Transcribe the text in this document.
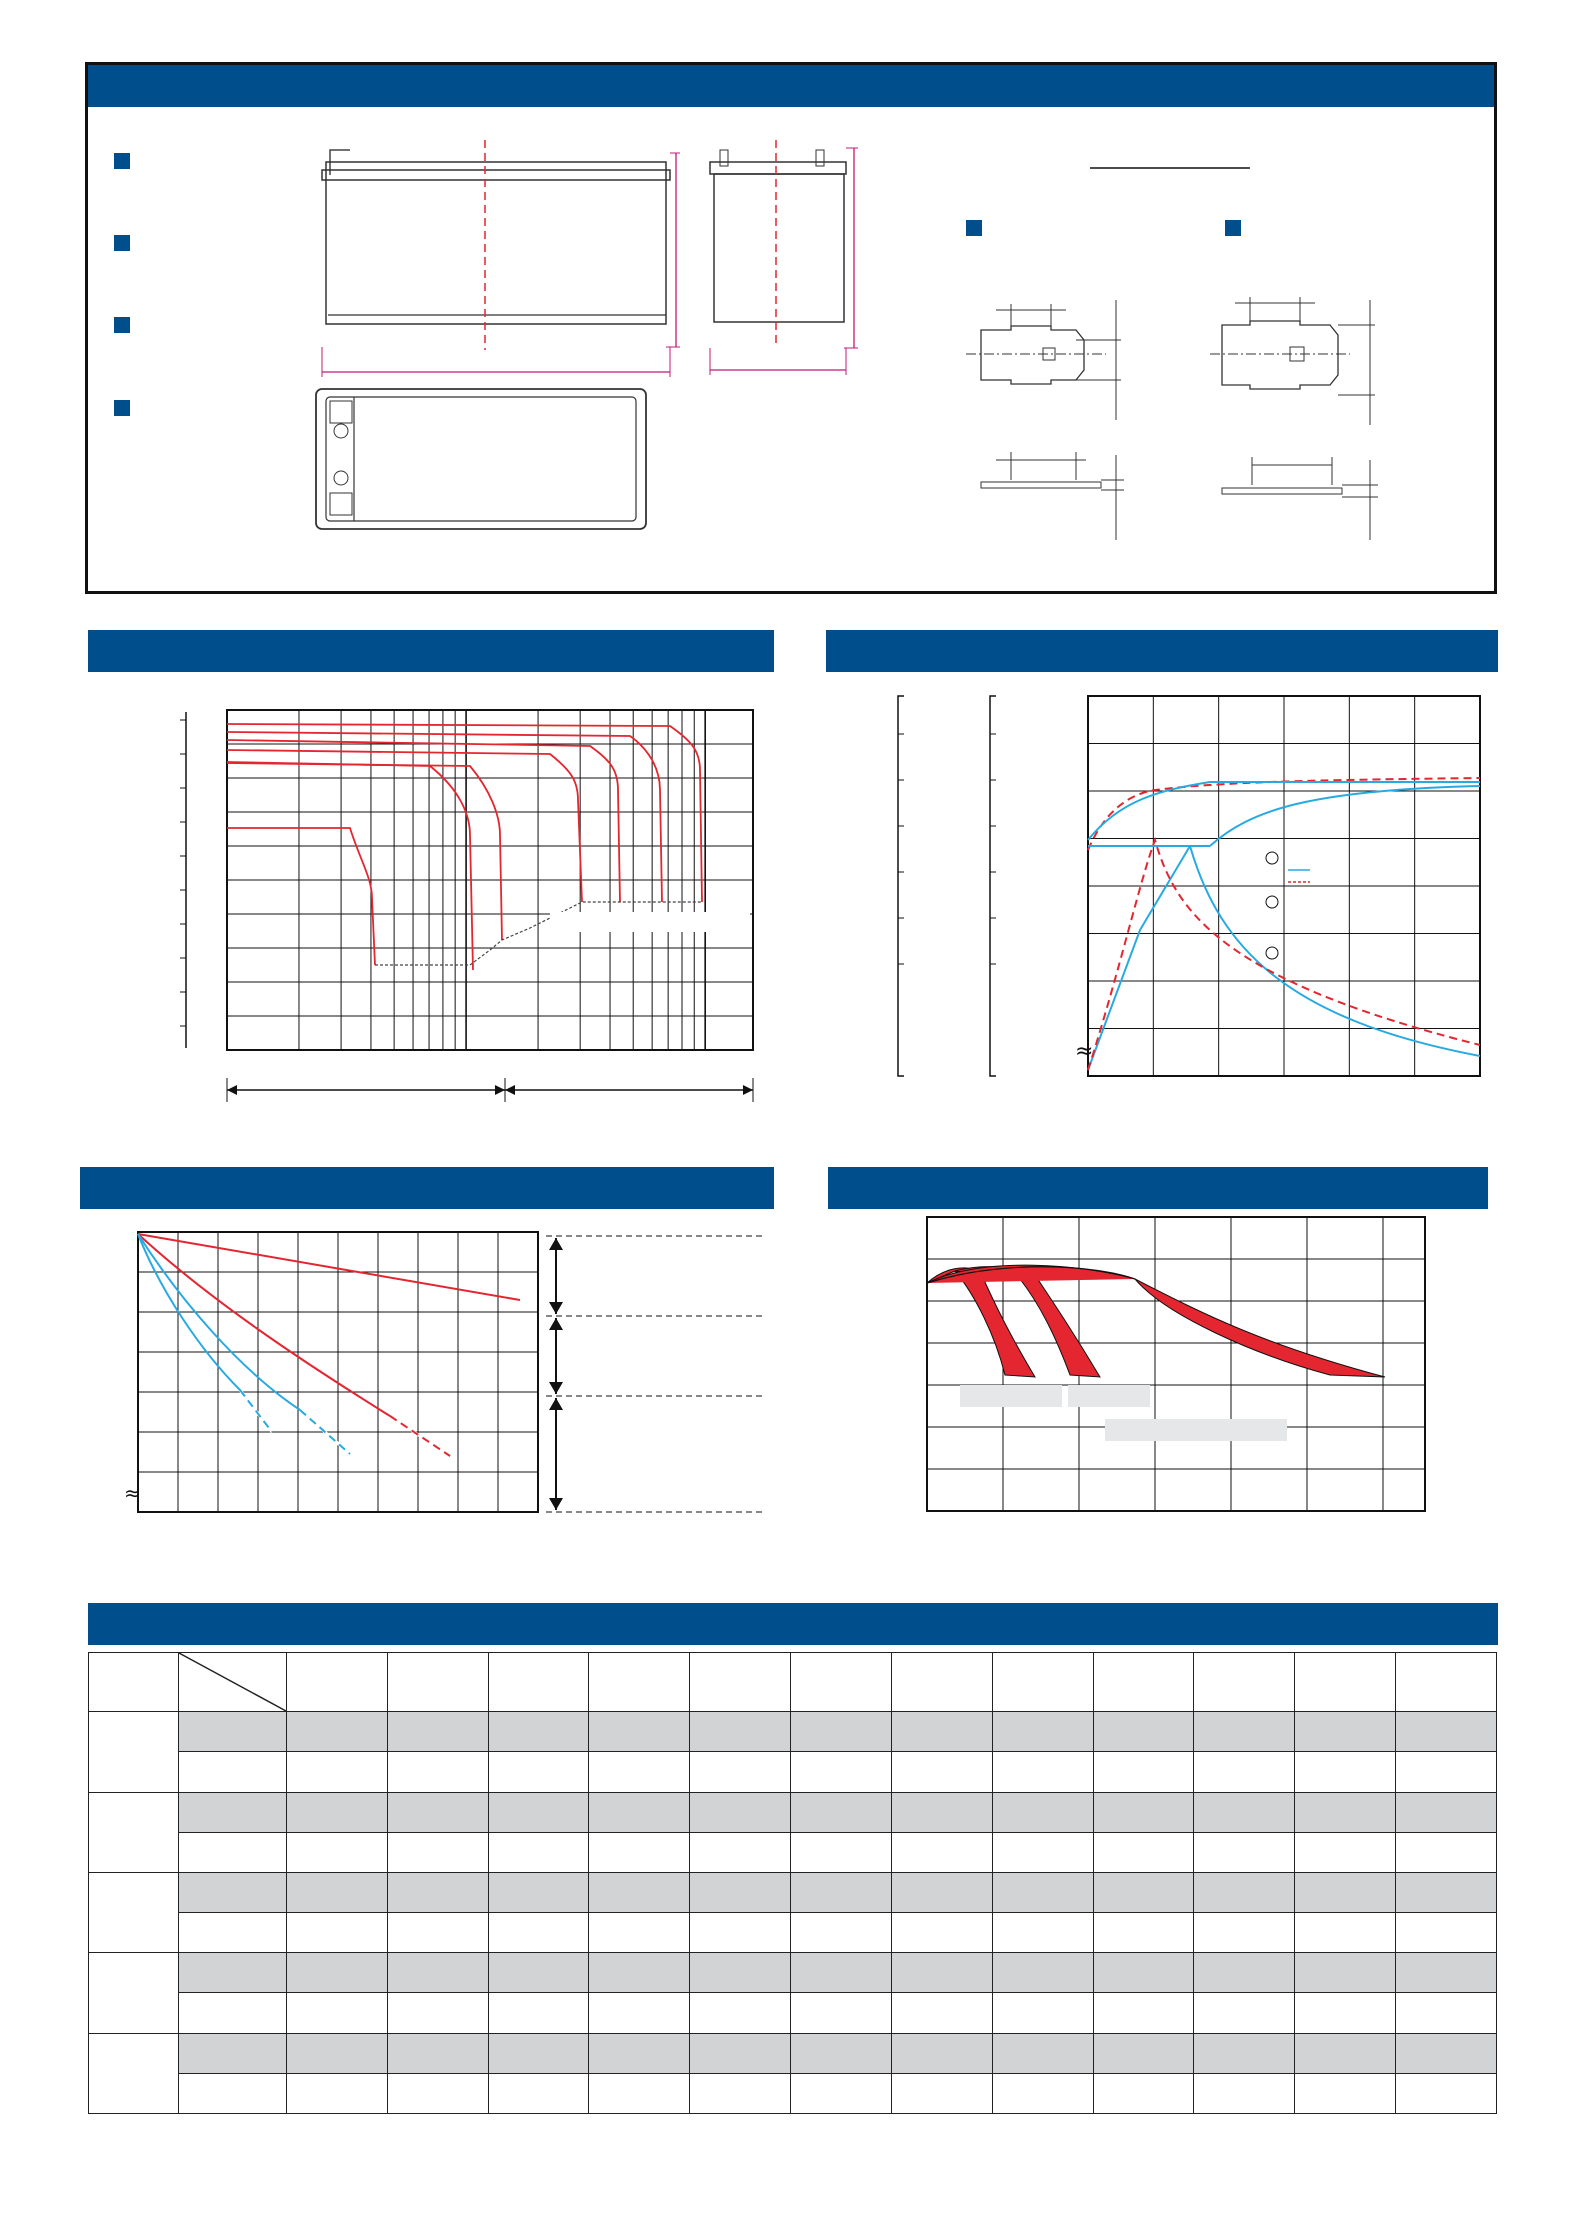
≈
≈
